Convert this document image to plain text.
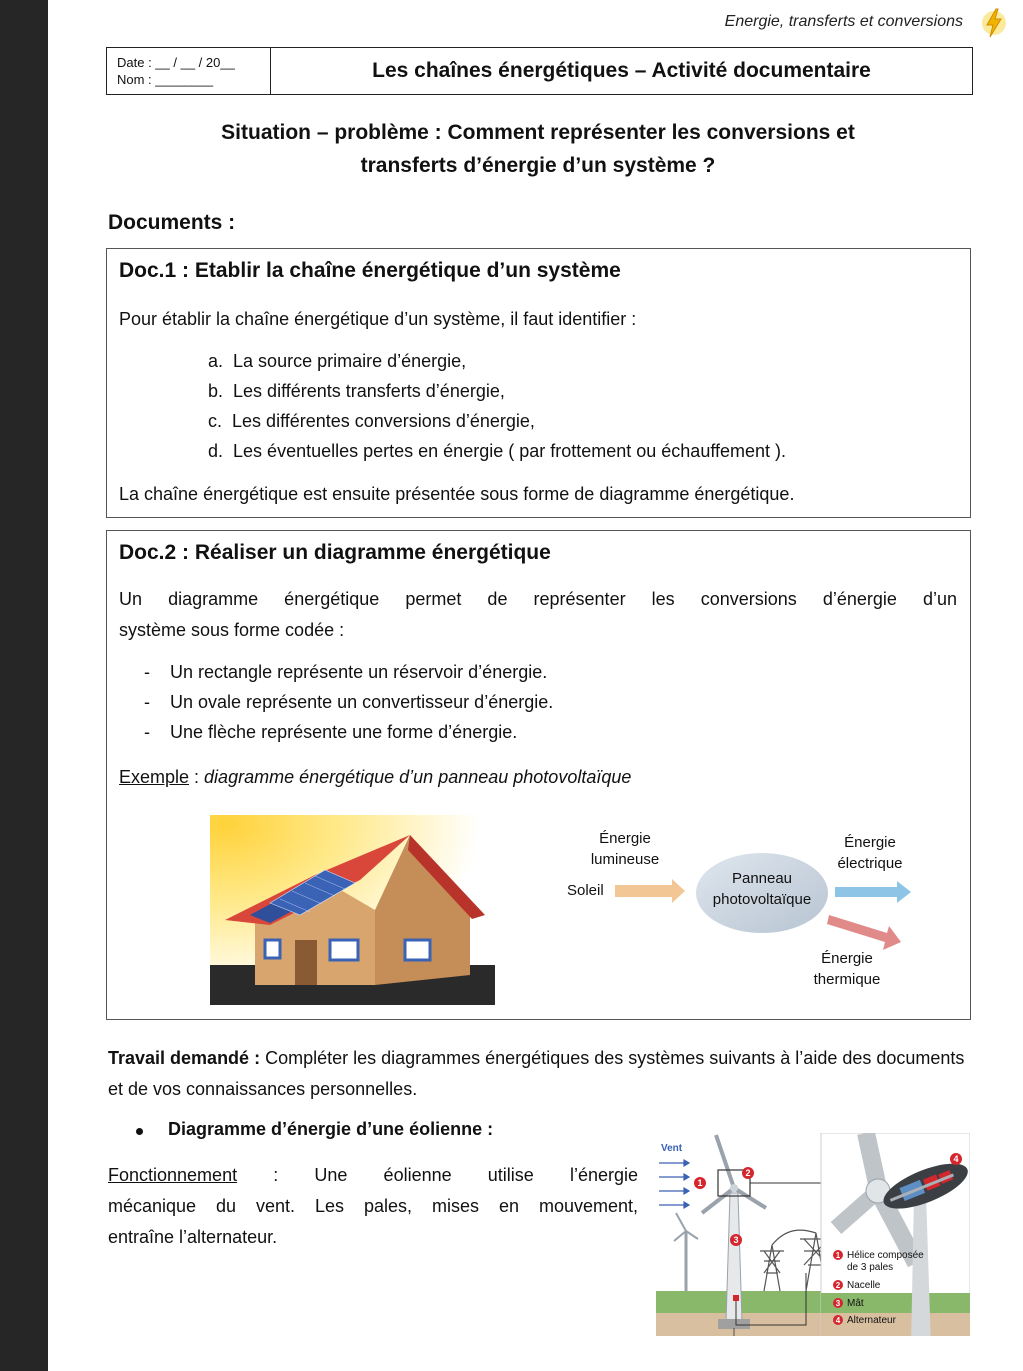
Energie, transferts et conversions
Date : __ / __ / 20__
Nom : ________	Les chaînes énergétiques – Activité documentaire
Situation – problème : Comment représenter les conversions et
transferts d’énergie d’un système ?
Documents :
Doc.1 : Etablir la chaîne énergétique d’un système
Pour établir la chaîne énergétique d’un système, il faut identifier :
a. La source primaire d’énergie,
b. Les différents transferts d’énergie,
c. Les différentes conversions d’énergie,
d. Les éventuelles pertes en énergie ( par frottement ou échauffement ).
La chaîne énergétique est ensuite présentée sous forme de diagramme énergétique.
Doc.2 : Réaliser un diagramme énergétique
Un diagramme énergétique permet de représenter les conversions d’énergie d’un
système sous forme codée :
- Un rectangle représente un réservoir d’énergie.
- Un ovale représente un convertisseur d’énergie.
- Une flèche représente une forme d’énergie.
Exemple : diagramme énergétique d’un panneau photovoltaïque
Soleil
Énergie
lumineuse
Panneau
photovoltaïque
Énergie
électrique
Énergie
thermique
Travail demandé : Compléter les diagrammes énergétiques des systèmes suivants à l’aide des documents et de vos connaissances personnelles.
Diagramme d’énergie d’une éolienne :
Fonctionnement : Une éolienne utilise l’énergie
mécanique du vent. Les pales, mises en mouvement,
entraîne l’alternateur.
Vent
1
2
3
4
1 Hélice composée
de 3 pales
2 Nacelle
3 Mât
4 Alternateur
